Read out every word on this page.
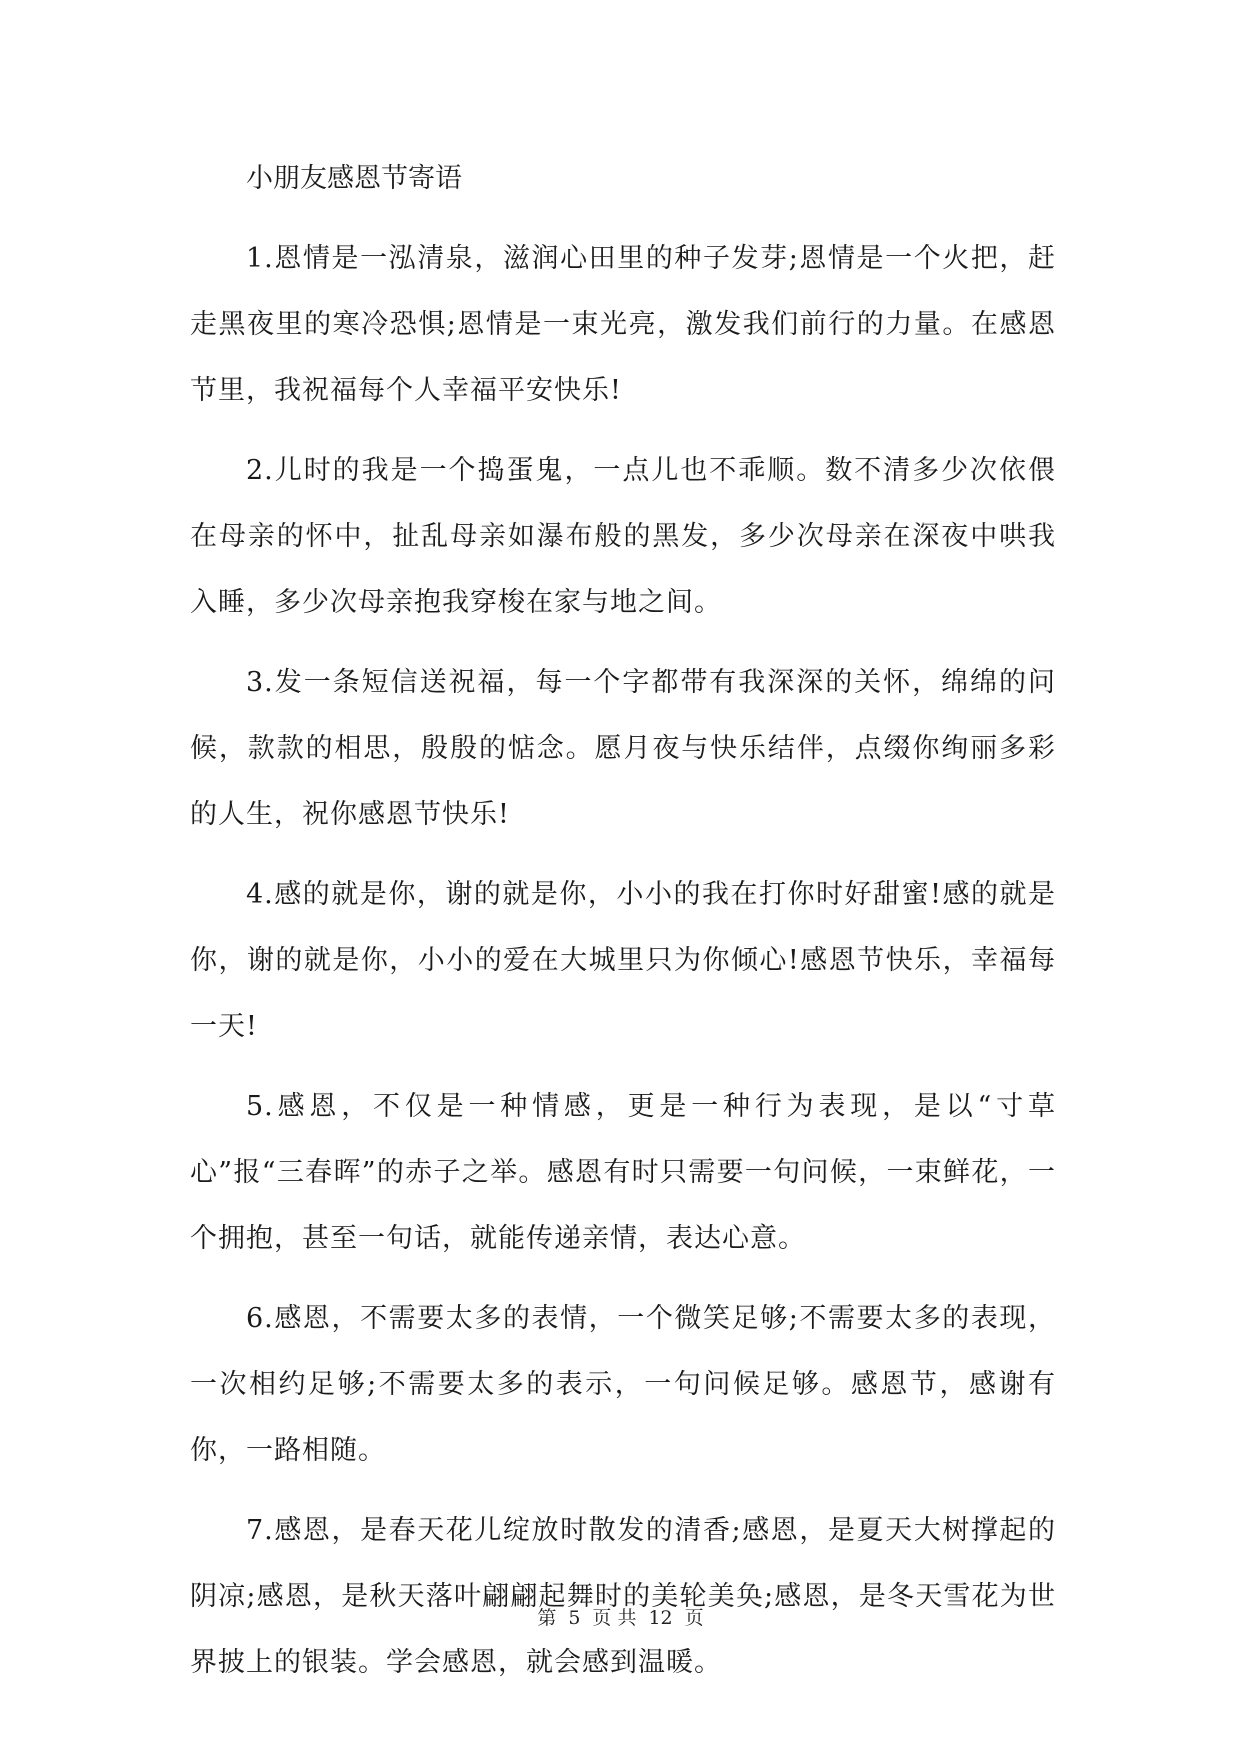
小朋友感恩节寄语

1.恩情是一泓清泉，滋润心田里的种子发芽;恩情是一个火把，赶走黑夜里的寒冷恐惧;恩情是一束光亮，激发我们前行的力量。在感恩节里，我祝福每个人幸福平安快乐!

2.儿时的我是一个捣蛋鬼，一点儿也不乖顺。数不清多少次依偎在母亲的怀中，扯乱母亲如瀑布般的黑发，多少次母亲在深夜中哄我入睡，多少次母亲抱我穿梭在家与地之间。

3.发一条短信送祝福，每一个字都带有我深深的关怀，绵绵的问候，款款的相思，殷殷的惦念。愿月夜与快乐结伴，点缀你绚丽多彩的人生，祝你感恩节快乐!

4.感的就是你，谢的就是你，小小的我在打你时好甜蜜!感的就是你，谢的就是你，小小的爱在大城里只为你倾心!感恩节快乐，幸福每一天!

5.感恩，不仅是一种情感，更是一种行为表现，是以“寸草心”报“三春晖”的赤子之举。感恩有时只需要一句问候，一束鲜花，一个拥抱，甚至一句话，就能传递亲情，表达心意。

6.感恩，不需要太多的表情，一个微笑足够;不需要太多的表现，一次相约足够;不需要太多的表示，一句问候足够。感恩节，感谢有你，一路相随。

7.感恩，是春天花儿绽放时散发的清香;感恩，是夏天大树撑起的阴凉;感恩，是秋天落叶翩翩起舞时的美轮美奂;感恩，是冬天雪花为世界披上的银装。学会感恩，就会感到温暖。

第 5 页 共 12 页
